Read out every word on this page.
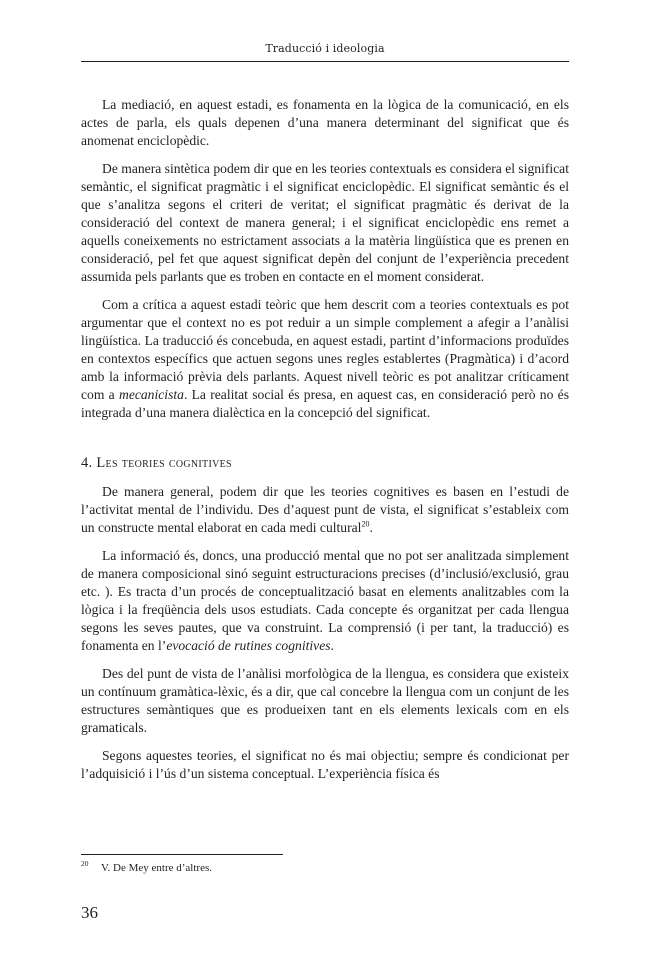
Traducció i ideologia

La mediació, en aquest estadi, es fonamenta en la lògica de la comunicació, en els actes de parla, els quals depenen d’una manera determinant del significat que és anomenat enciclopèdic.

De manera sintètica podem dir que en les teories contextuals es considera el significat semàntic, el significat pragmàtic i el significat enciclopèdic. El significat semàntic és el que s’analitza segons el criteri de veritat; el significat pragmàtic és derivat de la consideració del context de manera general; i el significat enciclopèdic ens remet a aquells coneixements no estrictament associats a la matèria lingüística que es prenen en consideració, pel fet que aquest significat depèn del conjunt de l’experiència precedent assumida pels parlants que es troben en contacte en el moment considerat.

Com a crítica a aquest estadi teòric que hem descrit com a teories contextuals es pot argumentar que el context no es pot reduir a un simple complement a afegir a l’anàlisi lingüística. La traducció és concebuda, en aquest estadi, partint d’informacions produïdes en contextos específics que actuen segons unes regles establertes (Pragmàtica) i d’acord amb la informació prèvia dels parlants. Aquest nivell teòric es pot analitzar críticament com a mecanicista. La realitat social és presa, en aquest cas, en consideració però no és integrada d’una manera dialèctica en la concepció del significat.

4. Les teories cognitives

De manera general, podem dir que les teories cognitives es basen en l’estudi de l’activitat mental de l’individu. Des d’aquest punt de vista, el significat s’estableix com un constructe mental elaborat en cada medi cultural$^{20}$.

La informació és, doncs, una producció mental que no pot ser analitzada simplement de manera composicional sinó seguint estructuracions precises (d’inclusió/exclusió, grau etc. ). Es tracta d’un procés de conceptualització basat en elements analitzables com la lògica i la freqüència dels usos estudiats. Cada concepte és organitzat per cada llengua segons les seves pautes, que va construint. La comprensió (i per tant, la traducció) es fonamenta en l’evocació de rutines cognitives.

Des del punt de vista de l’anàlisi morfològica de la llengua, es considera que existeix un contínuum gramàtica-lèxic, és a dir, que cal concebre la llengua com un conjunt de les estructures semàntiques que es produeixen tant en els elements lexicals com en els gramaticals.

Segons aquestes teories, el significat no és mai objectiu; sempre és condicionat per l’adquisició i l’ús d’un sistema conceptual. L’experiència física és

20 V. De Mey entre d’altres.
36
